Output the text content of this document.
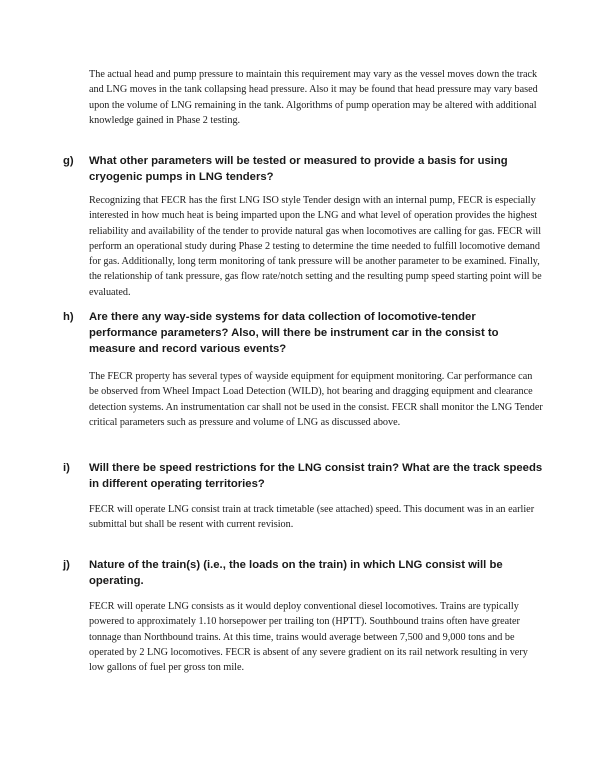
The actual head and pump pressure to maintain this requirement may vary as the vessel moves down the track and LNG moves in the tank collapsing head pressure. Also it may be found that head pressure may vary based upon the volume of LNG remaining in the tank. Algorithms of pump operation may be altered with additional knowledge gained in Phase 2 testing.

g) What other parameters will be tested or measured to provide a basis for using cryogenic pumps in LNG tenders?

Recognizing that FECR has the first LNG ISO style Tender design with an internal pump, FECR is especially interested in how much heat is being imparted upon the LNG and what level of operation provides the highest reliability and availability of the tender to provide natural gas when locomotives are calling for gas. FECR will perform an operational study during Phase 2 testing to determine the time needed to fulfill locomotive demand for gas. Additionally, long term monitoring of tank pressure will be another parameter to be examined. Finally, the relationship of tank pressure, gas flow rate/notch setting and the resulting pump speed starting point will be evaluated.

h) Are there any way-side systems for data collection of locomotive-tender performance parameters? Also, will there be instrument car in the consist to measure and record various events?

The FECR property has several types of wayside equipment for equipment monitoring. Car performance can be observed from Wheel Impact Load Detection (WILD), hot bearing and dragging equipment and clearance detection systems. An instrumentation car shall not be used in the consist. FECR shall monitor the LNG Tender critical parameters such as pressure and volume of LNG as discussed above.

i) Will there be speed restrictions for the LNG consist train? What are the track speeds in different operating territories?

FECR will operate LNG consist train at track timetable (see attached) speed. This document was in an earlier submittal but shall be resent with current revision.

j) Nature of the train(s) (i.e., the loads on the train) in which LNG consist will be operating.

FECR will operate LNG consists as it would deploy conventional diesel locomotives. Trains are typically powered to approximately 1.10 horsepower per trailing ton (HPTT). Southbound trains often have greater tonnage than Northbound trains. At this time, trains would average between 7,500 and 9,000 tons and be operated by 2 LNG locomotives. FECR is absent of any severe gradient on its rail network resulting in very low gallons of fuel per gross ton mile.
